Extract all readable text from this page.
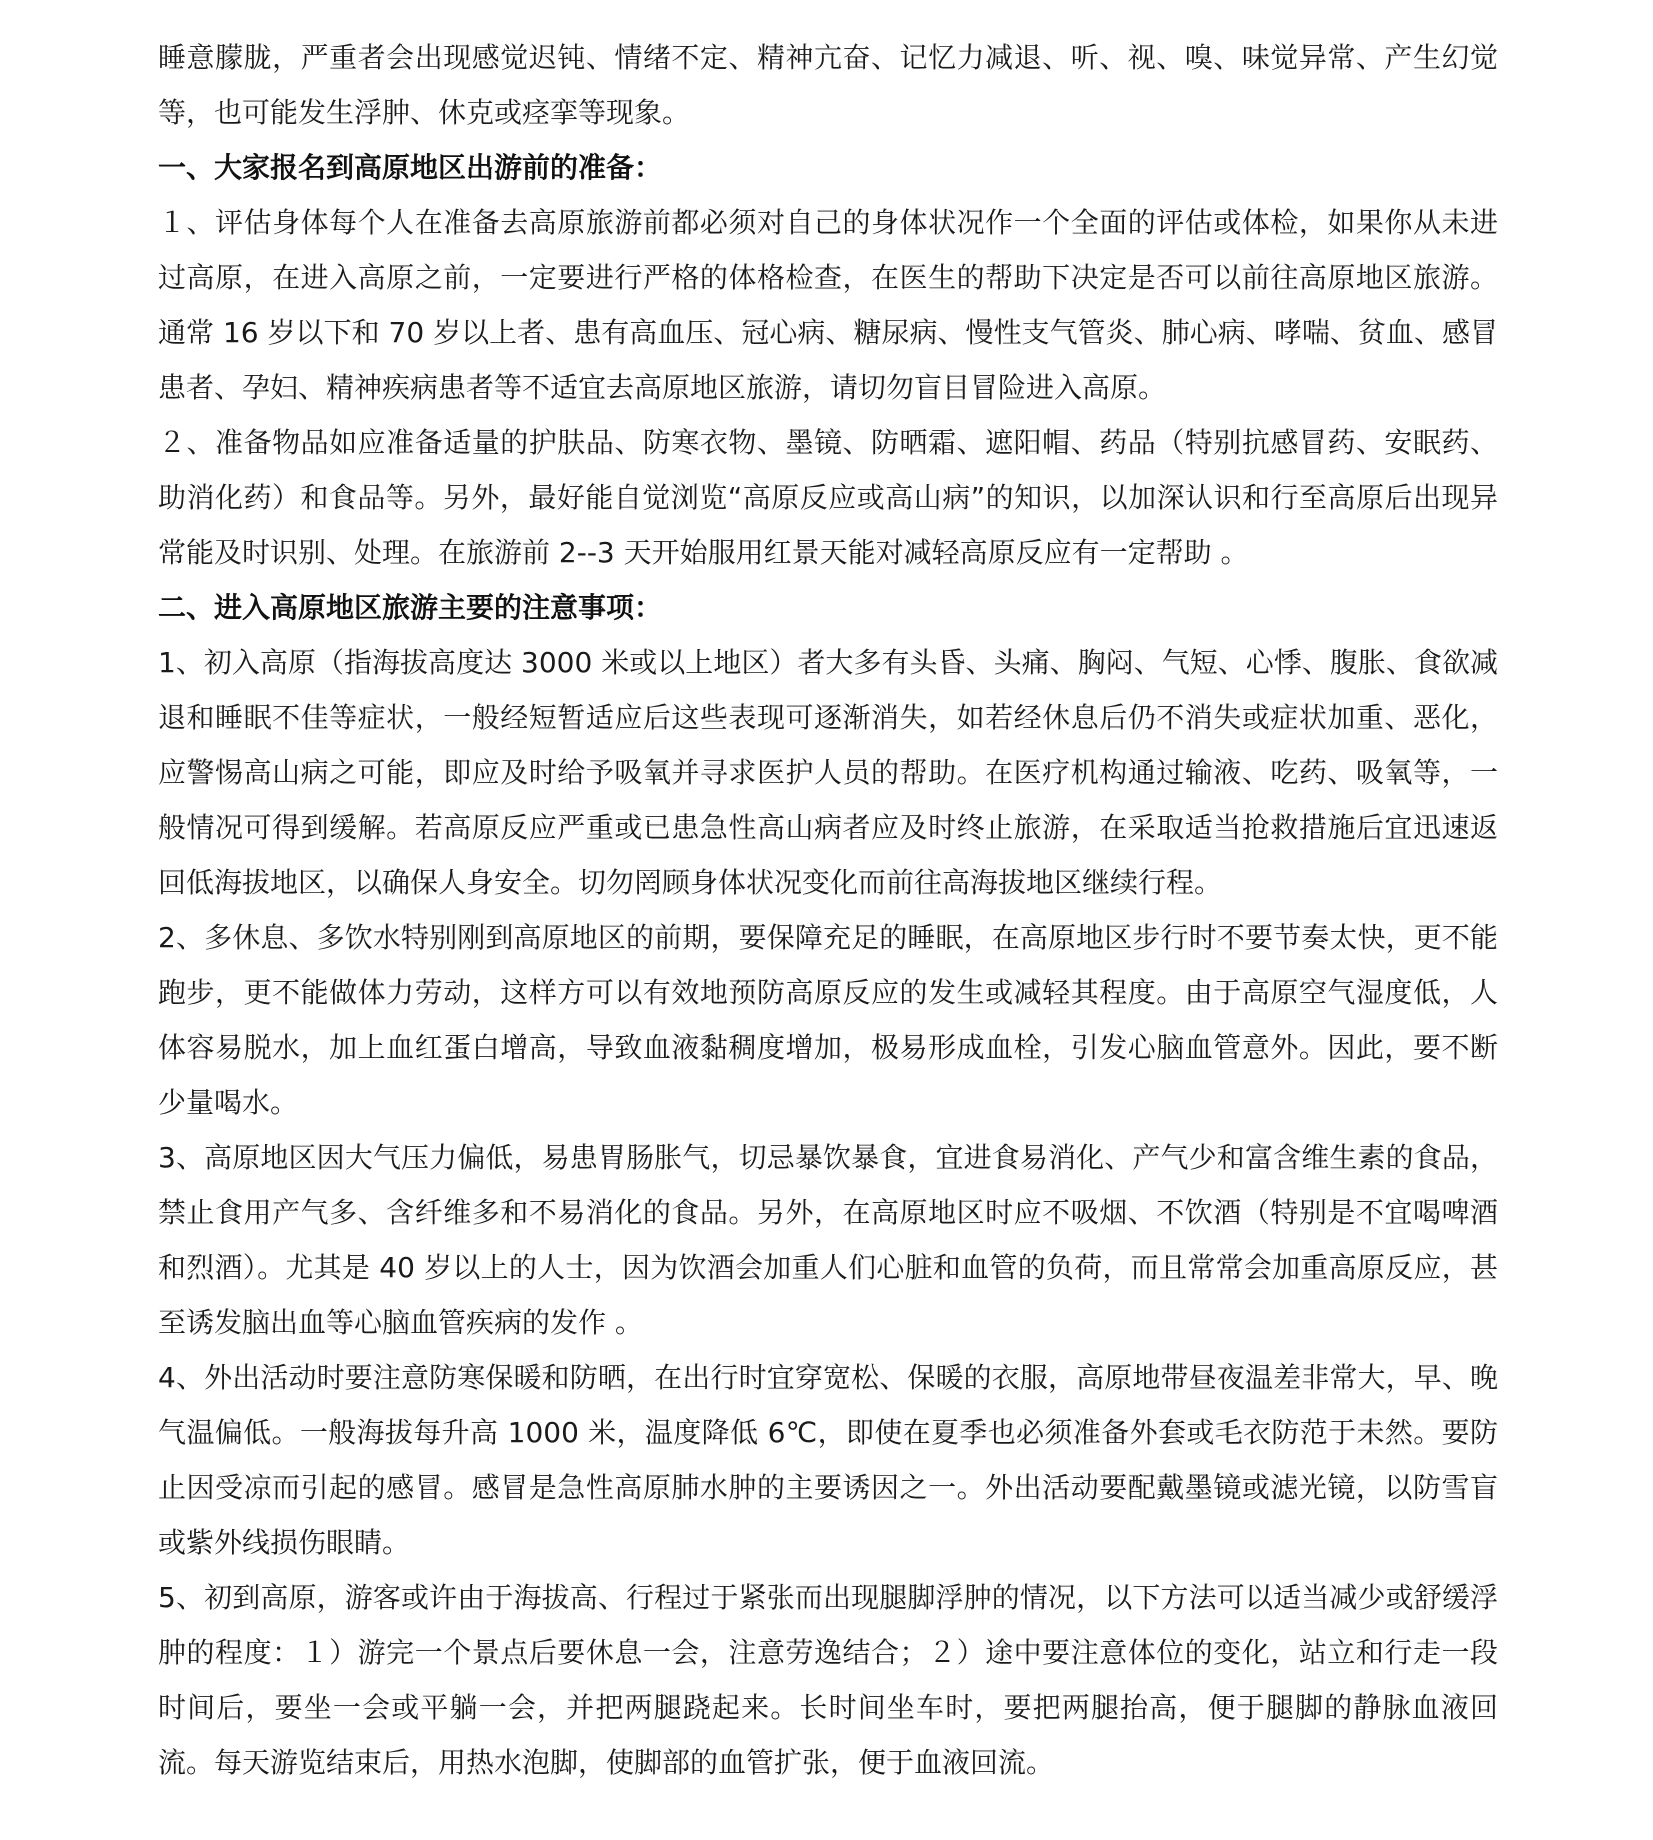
睡意朦胧，严重者会出现感觉迟钝、情绪不定、精神亢奋、记忆力减退、听、视、嗅、味觉异常、产生幻觉等，也可能发生浮肿、休克或痉挛等现象。

一、大家报名到高原地区出游前的准备：

１、评估身体每个人在准备去高原旅游前都必须对自己的身体状况作一个全面的评估或体检，如果你从未进过高原，在进入高原之前，一定要进行严格的体格检查，在医生的帮助下决定是否可以前往高原地区旅游。通常 16 岁以下和 70 岁以上者、患有高血压、冠心病、糖尿病、慢性支气管炎、肺心病、哮喘、贫血、感冒患者、孕妇、精神疾病患者等不适宜去高原地区旅游，请切勿盲目冒险进入高原。

２、准备物品如应准备适量的护肤品、防寒衣物、墨镜、防晒霜、遮阳帽、药品（特别抗感冒药、安眠药、助消化药）和食品等。另外，最好能自觉浏览“高原反应或高山病”的知识，以加深认识和行至高原后出现异常能及时识别、处理。在旅游前 2--3 天开始服用红景天能对减轻高原反应有一定帮助 。

二、进入高原地区旅游主要的注意事项：

1、初入高原（指海拔高度达 3000 米或以上地区）者大多有头昏、头痛、胸闷、气短、心悸、腹胀、食欲减退和睡眠不佳等症状，一般经短暂适应后这些表现可逐渐消失，如若经休息后仍不消失或症状加重、恶化，应警惕高山病之可能，即应及时给予吸氧并寻求医护人员的帮助。在医疗机构通过输液、吃药、吸氧等，一般情况可得到缓解。若高原反应严重或已患急性高山病者应及时终止旅游，在采取适当抢救措施后宜迅速返回低海拔地区，以确保人身安全。切勿罔顾身体状况变化而前往高海拔地区继续行程。

2、多休息、多饮水特别刚到高原地区的前期，要保障充足的睡眠，在高原地区步行时不要节奏太快，更不能跑步，更不能做体力劳动，这样方可以有效地预防高原反应的发生或减轻其程度。由于高原空气湿度低，人体容易脱水，加上血红蛋白增高，导致血液黏稠度增加，极易形成血栓，引发心脑血管意外。因此，要不断少量喝水。

3、高原地区因大气压力偏低，易患胃肠胀气，切忌暴饮暴食，宜进食易消化、产气少和富含维生素的食品，禁止食用产气多、含纤维多和不易消化的食品。另外，在高原地区时应不吸烟、不饮酒（特别是不宜喝啤酒和烈酒）。尤其是 40 岁以上的人士，因为饮酒会加重人们心脏和血管的负荷，而且常常会加重高原反应，甚至诱发脑出血等心脑血管疾病的发作 。

4、外出活动时要注意防寒保暖和防晒，在出行时宜穿宽松、保暖的衣服，高原地带昼夜温差非常大，早、晚气温偏低。一般海拔每升高 1000 米，温度降低 6℃，即使在夏季也必须准备外套或毛衣防范于未然。要防止因受凉而引起的感冒。感冒是急性高原肺水肿的主要诱因之一。外出活动要配戴墨镜或滤光镜，以防雪盲或紫外线损伤眼睛。

5、初到高原，游客或许由于海拔高、行程过于紧张而出现腿脚浮肿的情况，以下方法可以适当减少或舒缓浮肿的程度：１）游完一个景点后要休息一会，注意劳逸结合；２）途中要注意体位的变化，站立和行走一段时间后，要坐一会或平躺一会，并把两腿跷起来。长时间坐车时，要把两腿抬高，便于腿脚的静脉血液回流。每天游览结束后，用热水泡脚，使脚部的血管扩张，便于血液回流。
